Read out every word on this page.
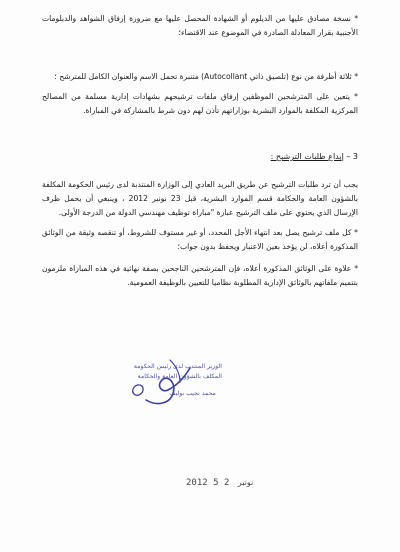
* نسخة مصادق عليها من الديلوم أو الشهادة المحصل عليها مع ضرورة إرفاق الشواهد والدبلومات الأجنبية بقرار المعادلة الصادرة في الموضوع عند الاقتضاء؛

* ثلاثة أظرفة من نوع (تلصيق ذاتي Autocollant) متنبرة تحمل الاسم والعنوان الكامل للمترشح ؛

* يتعين على المترشحين الموظفين إرفاق ملفات ترشيحهم بشهادات إدارية مسلمة من المصالح المركزية المكلفة بالموارد البشرية بوزاراتهم تأذن لهم دون شرط بالمشاركة في المباراة.

3 – إيداع طلبات الترشيح :

يجب أن ترد طلبات الترشيح عن طريق البريد العادي إلى الوزارة المنتدبة لدى رئيس الحكومة المكلفة بالشؤون العامة والحكامة قسم الموارد البشرية، قبل 23 نونبر 2012 ، وينبغي أن يحمل ظرف الإرسال الذي يحتوي على ملف الترشيح عبارة "مباراة توظيف مهندسي الدولة من الدرجة الأولى.

* كل ملف ترشيح يصل بعد انتهاء الأجل المحدد، أو غير مستوف للشروط، أو تنقصه وثيقة من الوثائق المذكورة أعلاه، لن يؤخذ بعين الاعتبار ويحفظ بدون جواب؛

* علاوة على الوثائق المذكورة أعلاه، فإن المترشحين الناجحين بصفة نهائية في هذه المباراة ملزمون بتتميم ملفاتهم بالوثائق الإدارية المطلوبة نظاميا للتعيين بالوظيفة العمومية.

الوزير المنتدب لدى رئيس الحكومة
المكلف بالشؤون العامة والحكامة
محمد نجيب بوليف
2012	نونبر 2 5
